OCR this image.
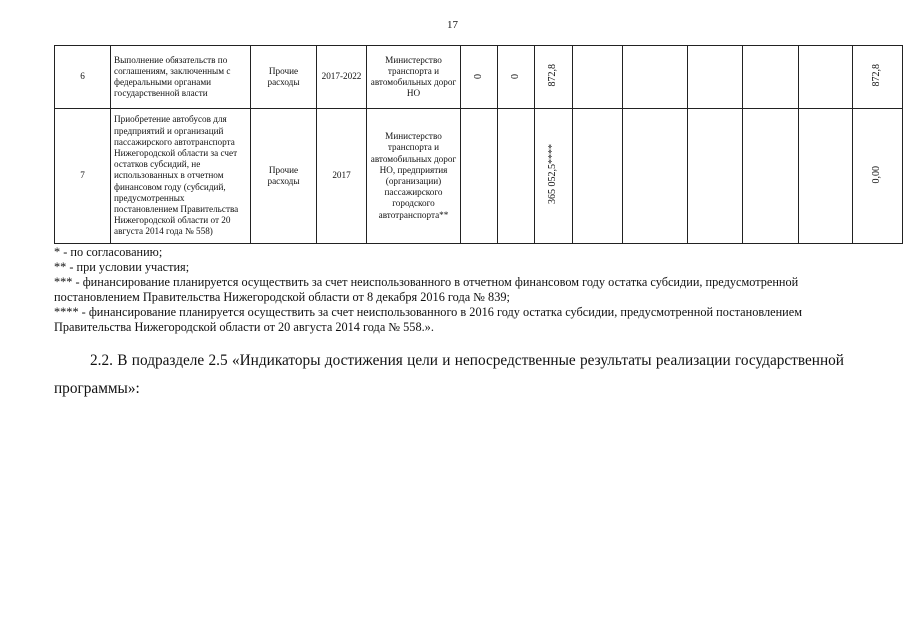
17
6	Выполнение обязательств по соглашениям, заключенным с федеральными органами государственной власти	Прочие расходы	2017-2022	Министерство транспорта и автомобильных дорог НО	0	0	872,8						872,8
7	Приобретение автобусов для предприятий и организаций пассажирского автотранспорта Нижегородской области за счет остатков субсидий, не использованных в отчетном финансовом году (субсидий, предусмотренных постановлением Правительства Нижегородской области от 20 августа 2014 года № 558)	Прочие расходы	2017	Министерство транспорта и автомобильных дорог НО, предприятия (организации) пассажирского городского автотранспорта**			365 052,5****						0,00

* - по согласованию;

** - при условии участия;

*** - финансирование планируется осуществить за счет неиспользованного в отчетном финансовом году остатка субсидии, предусмотренной постановлением Правительства Нижегородской области от 8 декабря 2016 года № 839;

**** - финансирование планируется осуществить за счет неиспользованного в 2016 году остатка субсидии, предусмотренной постановлением Правительства Нижегородской области от 20 августа 2014 года № 558.».

2.2. В подразделе 2.5 «Индикаторы достижения цели и непосредственные результаты реализации государственной программы»:
